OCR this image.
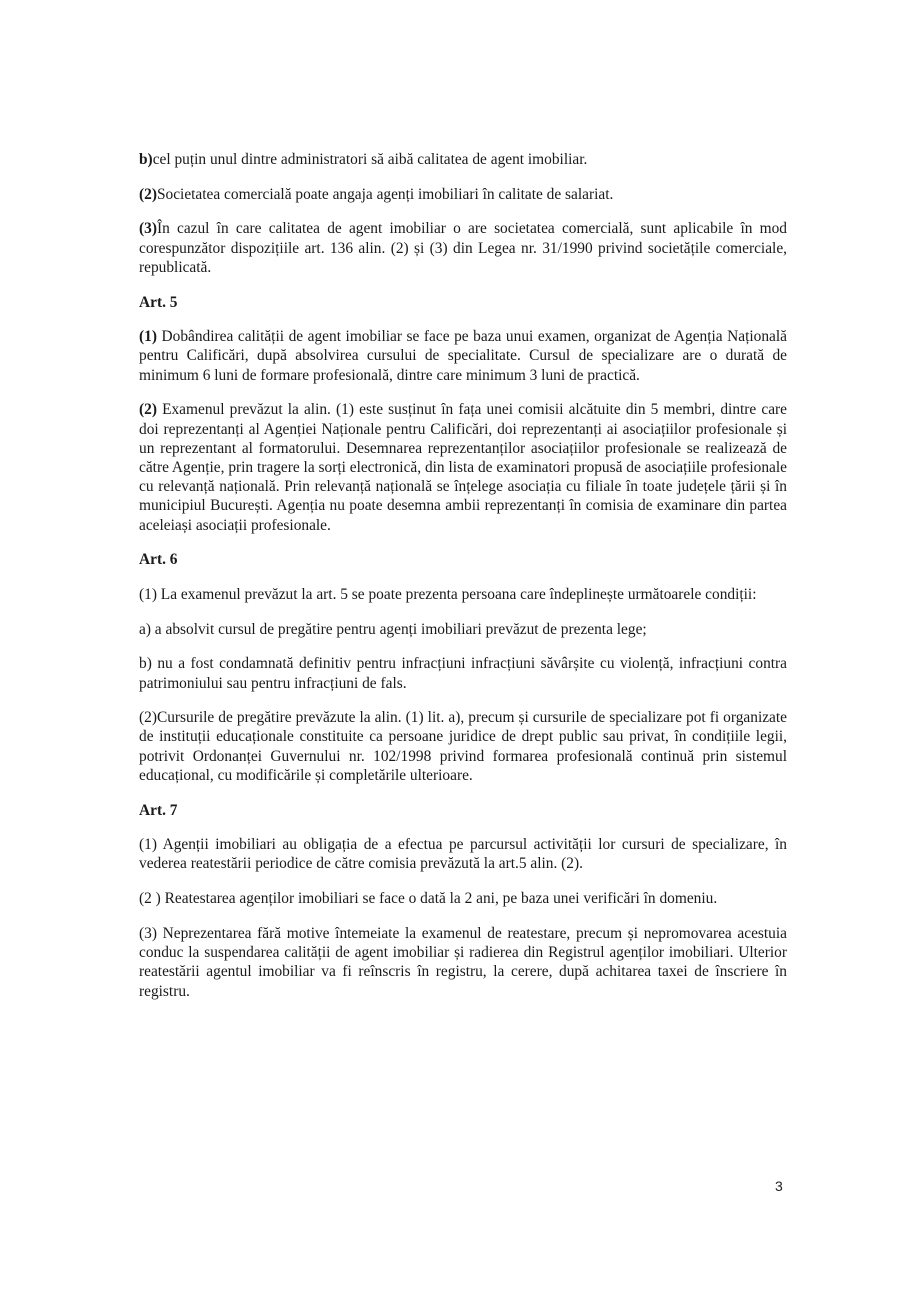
b)cel puțin unul dintre administratori să aibă calitatea de agent imobiliar.

(2)Societatea comercială poate angaja agenți imobiliari în calitate de salariat.

(3)În cazul în care calitatea de agent imobiliar o are societatea comercială, sunt aplicabile în mod corespunzător dispozițiile art. 136 alin. (2) și (3) din Legea nr. 31/1990 privind societățile comerciale, republicată.

Art. 5

(1) Dobândirea calității de agent imobiliar se face pe baza unui examen, organizat de Agenția Națională pentru Calificări, după absolvirea cursului de specialitate. Cursul de specializare are o durată de minimum 6 luni de formare profesională, dintre care minimum 3 luni de practică.

(2) Examenul prevăzut la alin. (1) este susținut în fața unei comisii alcătuite din 5 membri, dintre care doi reprezentanți al Agenției Naționale pentru Calificări, doi reprezentanți ai asociațiilor profesionale și un reprezentant al formatorului. Desemnarea reprezentanților asociațiilor profesionale se realizează de către Agenție, prin tragere la sorți electronică, din lista de examinatori propusă de asociațiile profesionale cu relevanță națională. Prin relevanță națională se înțelege asociația cu filiale în toate județele țării și în municipiul București. Agenția nu poate desemna ambii reprezentanți în comisia de examinare din partea aceleiași asociații profesionale.

Art. 6

(1) La examenul prevăzut la art. 5 se poate prezenta persoana care îndeplinește următoarele condiții:

a) a absolvit cursul de pregătire pentru agenți imobiliari prevăzut de prezenta lege;

b) nu a fost condamnată definitiv pentru infracțiuni infracțiuni săvârșite cu violență, infracțiuni contra patrimoniului sau pentru infracțiuni de fals.

(2)Cursurile de pregătire prevăzute la alin. (1) lit. a), precum și cursurile de specializare pot fi organizate de instituții educaționale constituite ca persoane juridice de drept public sau privat, în condițiile legii, potrivit Ordonanței Guvernului nr. 102/1998 privind formarea profesională continuă prin sistemul educațional, cu modificările și completările ulterioare.

Art. 7

(1) Agenții imobiliari au obligația de a efectua pe parcursul activității lor cursuri de specializare, în vederea reatestării periodice de către comisia prevăzută la art.5 alin. (2).

(2 ) Reatestarea agenților imobiliari se face o dată la 2 ani, pe baza unei verificări în domeniu.

(3) Neprezentarea fără motive întemeiate la examenul de reatestare, precum și nepromovarea acestuia conduc la suspendarea calității de agent imobiliar și radierea din Registrul agenților imobiliari. Ulterior reatestării agentul imobiliar va fi reînscris în registru, la cerere, după achitarea taxei de înscriere în registru.

3
